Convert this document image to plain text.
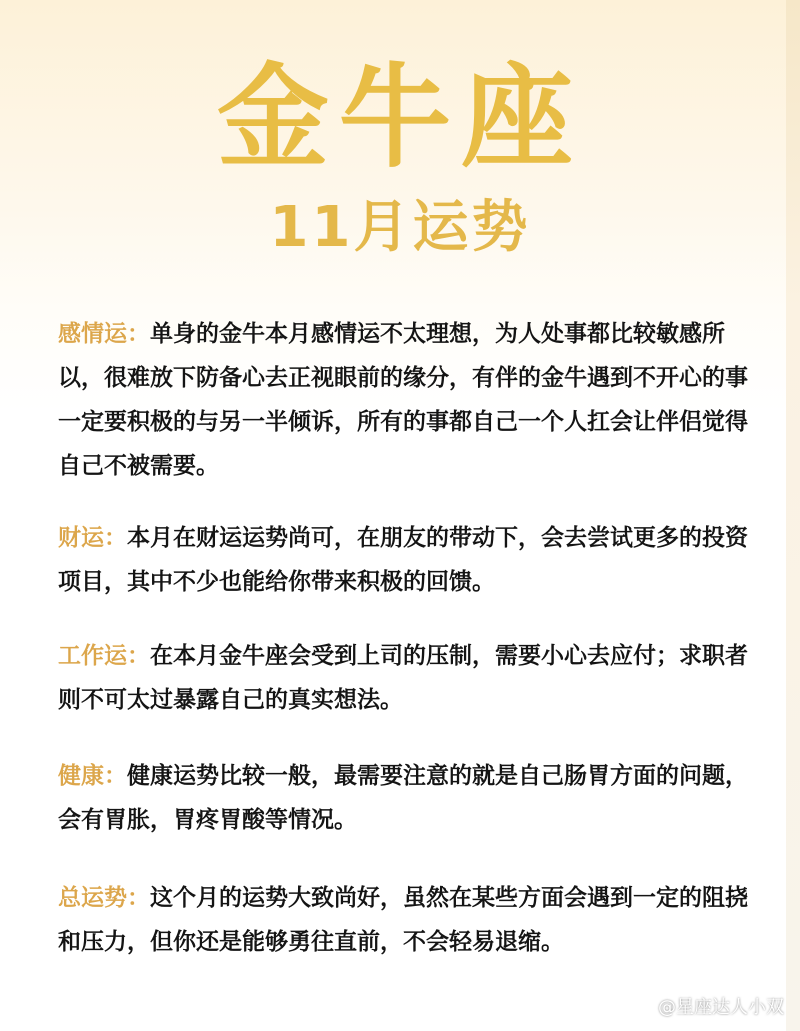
金牛座
11月运势
感情运：单身的金牛本月感情运不太理想，为人处事都比较敏感所以，很难放下防备心去正视眼前的缘分，有伴的金牛遇到不开心的事一定要积极的与另一半倾诉，所有的事都自己一个人扛会让伴侣觉得自己不被需要。
财运：本月在财运运势尚可，在朋友的带动下，会去尝试更多的投资项目，其中不少也能给你带来积极的回馈。
工作运：在本月金牛座会受到上司的压制，需要小心去应付；求职者则不可太过暴露自己的真实想法。
健康：健康运势比较一般，最需要注意的就是自己肠胃方面的问题，会有胃胀，胃疼胃酸等情况。
总运势：这个月的运势大致尚好，虽然在某些方面会遇到一定的阻挠和压力，但你还是能够勇往直前，不会轻易退缩。
@星座达人小双
